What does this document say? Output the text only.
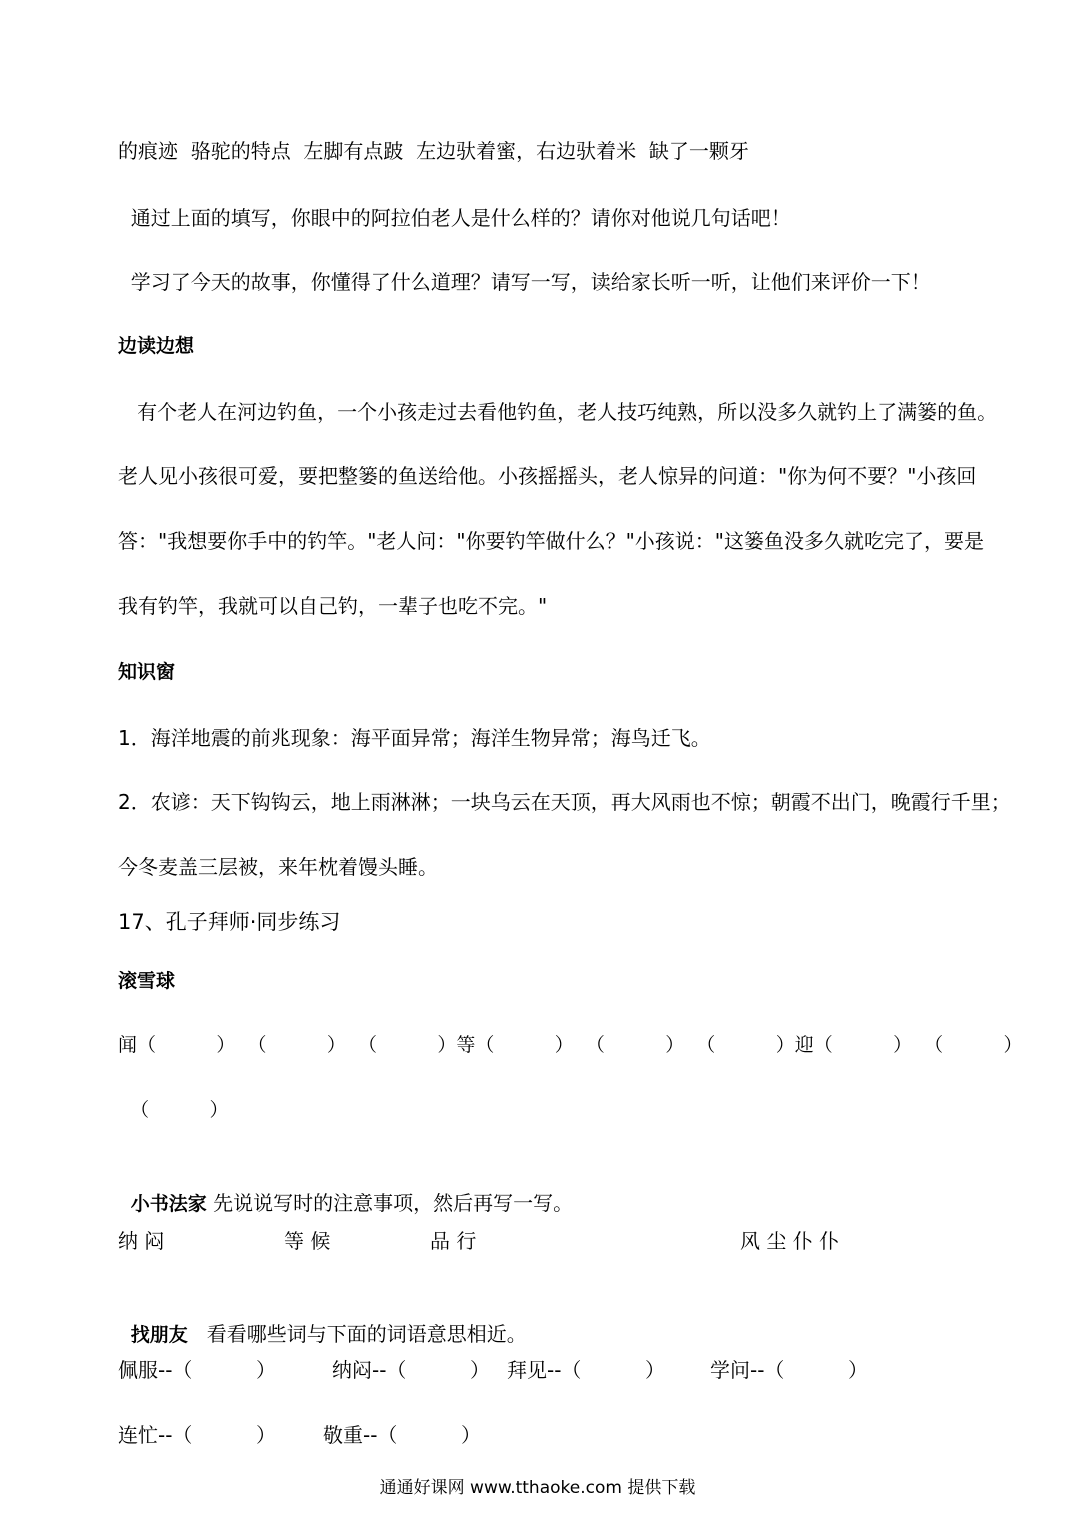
的痕迹  骆驼的特点  左脚有点跛  左边驮着蜜，右边驮着米  缺了一颗牙
通过上面的填写，你眼中的阿拉伯老人是什么样的？请你对他说几句话吧！
学习了今天的故事，你懂得了什么道理？请写一写，读给家长听一听，让他们来评价一下！
边读边想
有个老人在河边钓鱼，一个小孩走过去看他钓鱼，老人技巧纯熟，所以没多久就钓上了满篓的鱼。
老人见小孩很可爱，要把整篓的鱼送给他。小孩摇摇头，老人惊异的问道："你为何不要？"小孩回
答："我想要你手中的钓竿。"老人问："你要钓竿做什么？"小孩说："这篓鱼没多久就吃完了，要是
我有钓竿，我就可以自己钓，一辈子也吃不完。"
知识窗
1．海洋地震的前兆现象：海平面异常；海洋生物异常；海鸟迁飞。
2．农谚：天下钩钩云，地上雨淋淋；一块乌云在天顶，再大风雨也不惊；朝霞不出门，晚霞行千里；
今冬麦盖三层被，来年枕着馒头睡。
17、孔子拜师·同步练习
滚雪球
闻（          ）  （          ）  （          ）等（          ）  （          ）  （          ）迎（          ）  （          ）
（          ）

小书法家 先说说写时的注意事项，然后再写一写。

纳 闷	等 候	品 行	风 尘 仆 仆

找朋友   看看哪些词与下面的词语意思相近。

佩服--（          ）	纳闷--（          ） 拜见--（          ） 学问--（          ）
连忙--（          ） 敬重--（          ）
通通好课网 www.tthaoke.com 提供下载
